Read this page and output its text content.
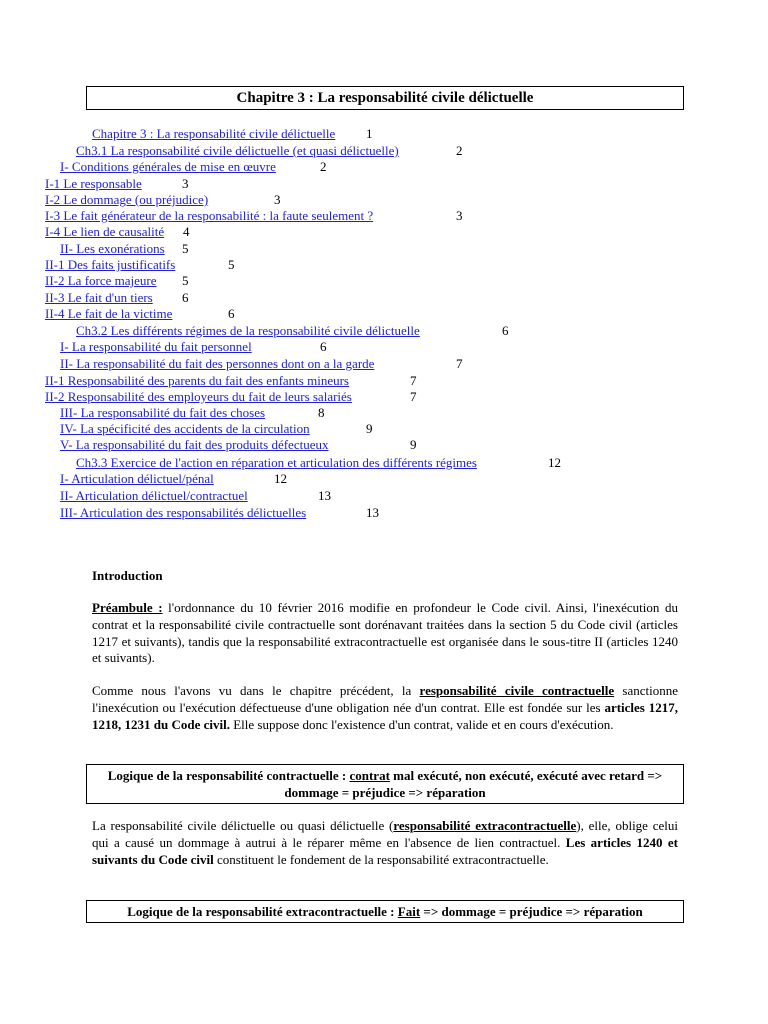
Chapitre 3 : La responsabilité civile délictuelle
Chapitre 3 : La responsabilité civile délictuelle 1
Ch3.1 La responsabilité civile délictuelle (et quasi délictuelle)	2
I- Conditions générales de mise en œuvre	2
I-1 Le responsable	3
I-2 Le dommage (ou préjudice)	3
I-3 Le fait générateur de la responsabilité : la faute seulement ?	3
I-4 Le lien de causalité 4
II- Les exonérations 5
II-1 Des faits justificatifs	5
II-2 La force majeure 5
II-3 Le fait d'un tiers 6
II-4 Le fait de la victime	6
Ch3.2 Les différents régimes de la responsabilité civile délictuelle	6
I- La responsabilité du fait personnel	6
II- La responsabilité du fait des personnes dont on a la garde	7
II-1 Responsabilité des parents du fait des enfants mineurs	7
II-2 Responsabilité des employeurs du fait de leurs salariés	7
III- La responsabilité du fait des choses	8
IV- La spécificité des accidents de la circulation	9
V- La responsabilité du fait des produits défectueux	9
Ch3.3 Exercice de l'action en réparation et articulation des différents régimes	12
I- Articulation délictuel/pénal	12
II- Articulation délictuel/contractuel	13
III- Articulation des responsabilités délictuelles	13
Introduction
Préambule : l'ordonnance du 10 février 2016 modifie en profondeur le Code civil. Ainsi, l'inexécution du contrat et la responsabilité civile contractuelle sont dorénavant traitées dans la section 5 du Code civil (articles 1217 et suivants), tandis que la responsabilité extracontractuelle est organisée dans le sous-titre II (articles 1240 et suivants).
Comme nous l'avons vu dans le chapitre précédent, la responsabilité civile contractuelle sanctionne l'inexécution ou l'exécution défectueuse d'une obligation née d'un contrat. Elle est fondée sur les articles 1217, 1218, 1231 du Code civil. Elle suppose donc l'existence d'un contrat, valide et en cours d'exécution.
Logique de la responsabilité contractuelle : contrat mal exécuté, non exécuté, exécuté avec retard => dommage = préjudice => réparation
La responsabilité civile délictuelle ou quasi délictuelle (responsabilité extracontractuelle), elle, oblige celui qui a causé un dommage à autrui à le réparer même en l'absence de lien contractuel. Les articles 1240 et suivants du Code civil constituent le fondement de la responsabilité extracontractuelle.
Logique de la responsabilité extracontractuelle : Fait => dommage = préjudice => réparation
